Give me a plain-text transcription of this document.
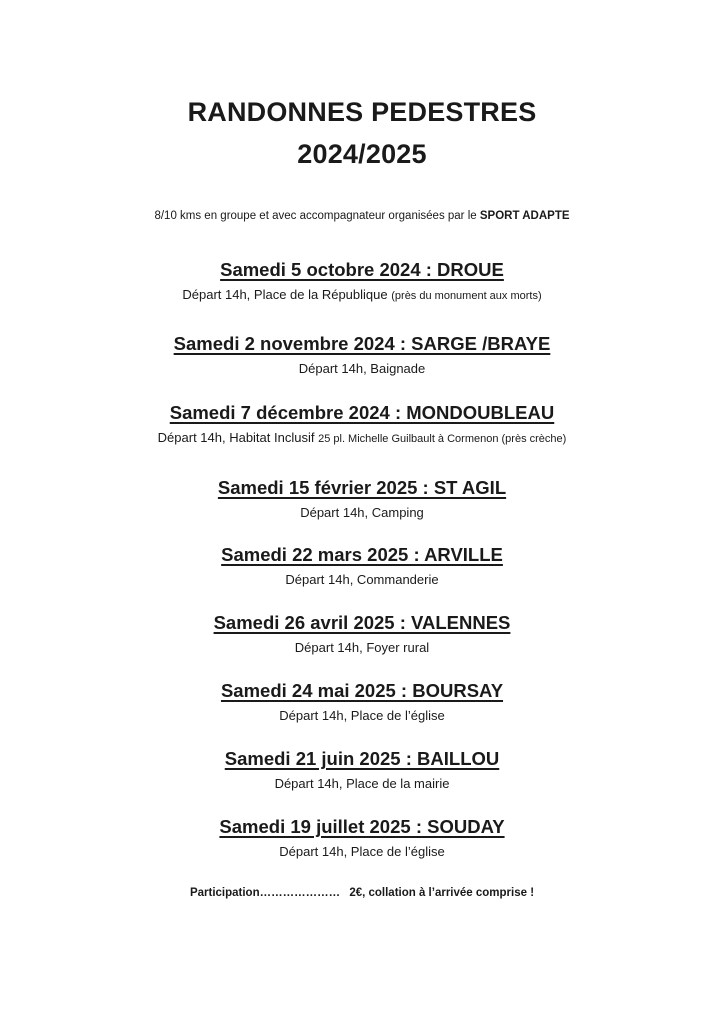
RANDONNES PEDESTRES
2024/2025
8/10 kms en groupe et avec accompagnateur organisées par le SPORT ADAPTE
Samedi 5 octobre 2024 : DROUE
Départ 14h, Place de la République (près du monument aux morts)
Samedi 2 novembre 2024 : SARGE /BRAYE
Départ 14h, Baignade
Samedi 7 décembre 2024 : MONDOUBLEAU
Départ 14h, Habitat Inclusif 25 pl. Michelle Guilbault à Cormenon (près crèche)
Samedi 15 février 2025 : ST AGIL
Départ 14h, Camping
Samedi 22 mars 2025 : ARVILLE
Départ 14h, Commanderie
Samedi 26 avril 2025 : VALENNES
Départ 14h, Foyer rural
Samedi 24 mai 2025 : BOURSAY
Départ 14h, Place de l’église
Samedi 21 juin 2025 : BAILLOU
Départ 14h, Place de la mairie
Samedi 19 juillet 2025 : SOUDAY
Départ 14h, Place de l’église
Participation………………… 2€, collation à l’arrivée comprise !
